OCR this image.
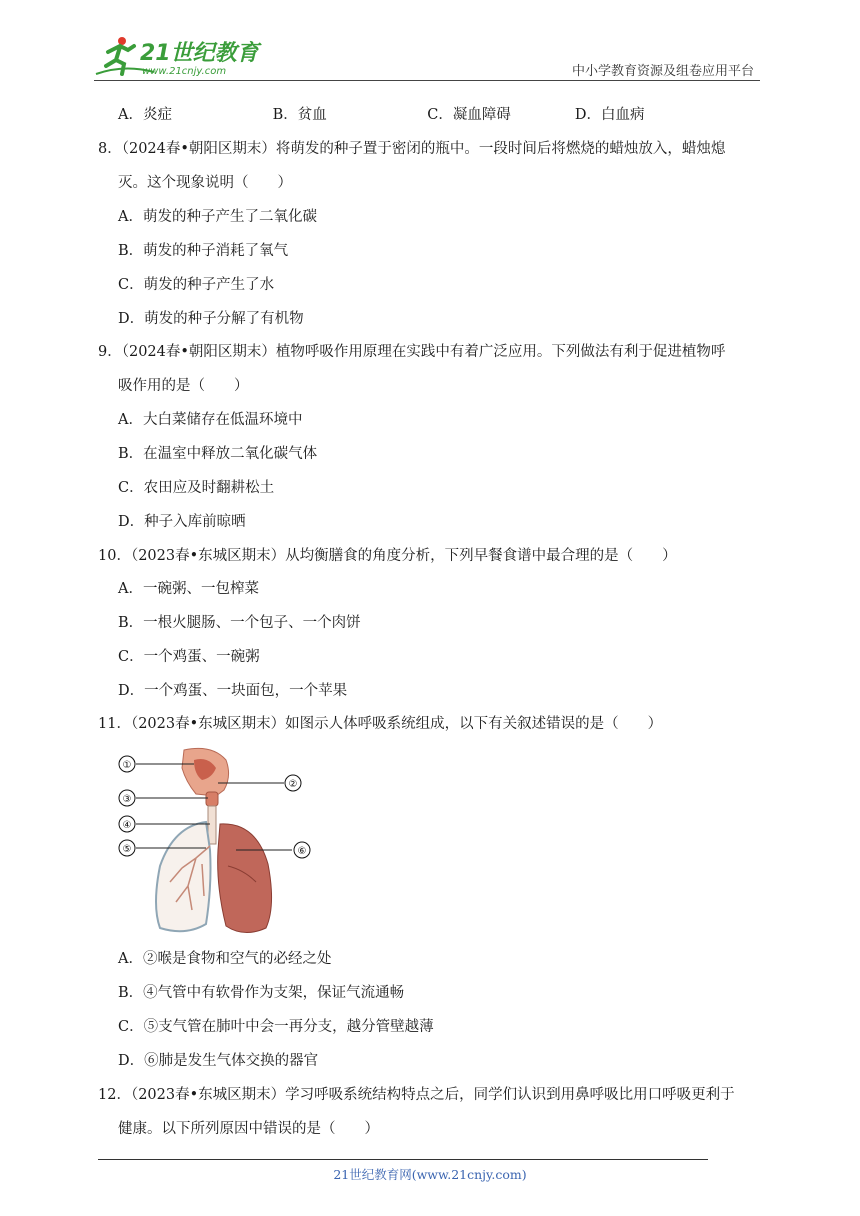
21世纪教育
www.21cnjy.com	中小学教育资源及组卷应用平台
A．炎症	B．贫血	C．凝血障碍	D．白血病
8．（2024春•朝阳区期末）将萌发的种子置于密闭的瓶中。一段时间后将燃烧的蜡烛放入，蜡烛熄
灭。这个现象说明（　　）
A．萌发的种子产生了二氧化碳
B．萌发的种子消耗了氧气
C．萌发的种子产生了水
D．萌发的种子分解了有机物
9．（2024春•朝阳区期末）植物呼吸作用原理在实践中有着广泛应用。下列做法有利于促进植物呼
吸作用的是（　　）
A．大白菜储存在低温环境中
B．在温室中释放二氧化碳气体
C．农田应及时翻耕松土
D．种子入库前晾晒
10．（2023春•东城区期末）从均衡膳食的角度分析，下列早餐食谱中最合理的是（　　）
A．一碗粥、一包榨菜
B．一根火腿肠、一个包子、一个肉饼
C．一个鸡蛋、一碗粥
D．一个鸡蛋、一块面包，一个苹果
11．（2023春•东城区期末）如图示人体呼吸系统组成，以下有关叙述错误的是（　　）
①
②
③
④
⑤	⑥
A．②喉是食物和空气的必经之处
B．④气管中有软骨作为支架，保证气流通畅
C．⑤支气管在肺叶中会一再分支，越分管壁越薄
D．⑥肺是发生气体交换的器官
12．（2023春•东城区期末）学习呼吸系统结构特点之后，同学们认识到用鼻呼吸比用口呼吸更利于
健康。以下所列原因中错误的是（　　）
21世纪教育网(www.21cnjy.com)
